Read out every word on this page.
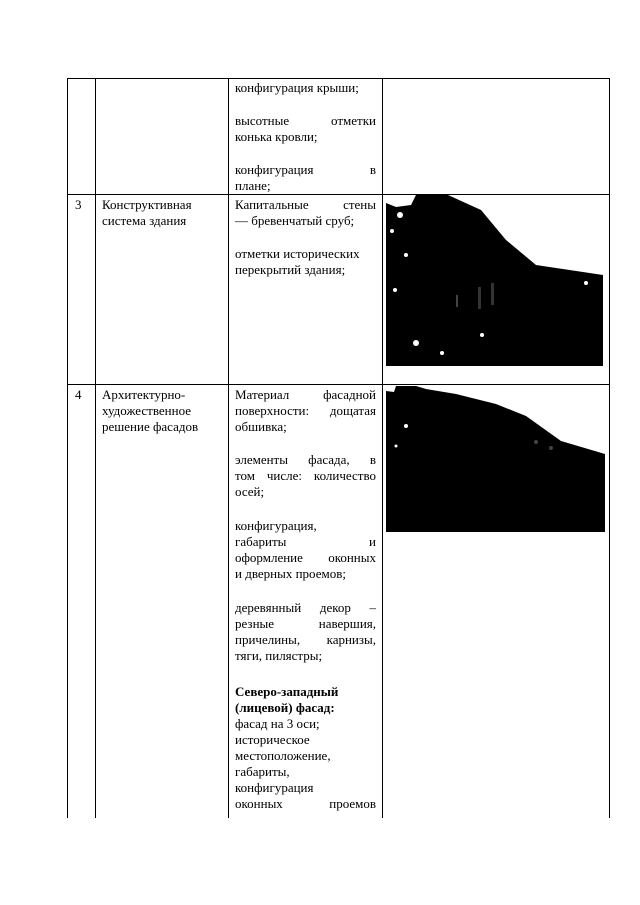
конфигурация крыши;
высотные отметки
конька кровли;
конфигурация в
плане;
3 Конструктивная
система здания
Капитальные стены
— бревенчатый сруб;
отметки исторических
перекрытий здания;
4 Архитектурно-
художественное
решение фасадов
Материал фасадной
поверхности: дощатая
обшивка;
элементы фасада, в
том числе: количество
осей;
конфигурация,
габариты и
оформление оконных
и дверных проемов;
деревянный декор –
резные навершия,
причелины, карнизы,
тяги, пилястры;
Северо-западный
(лицевой) фасад:
фасад на 3 оси;
историческое
местоположение,
габариты,
конфигурация
оконных проемов
